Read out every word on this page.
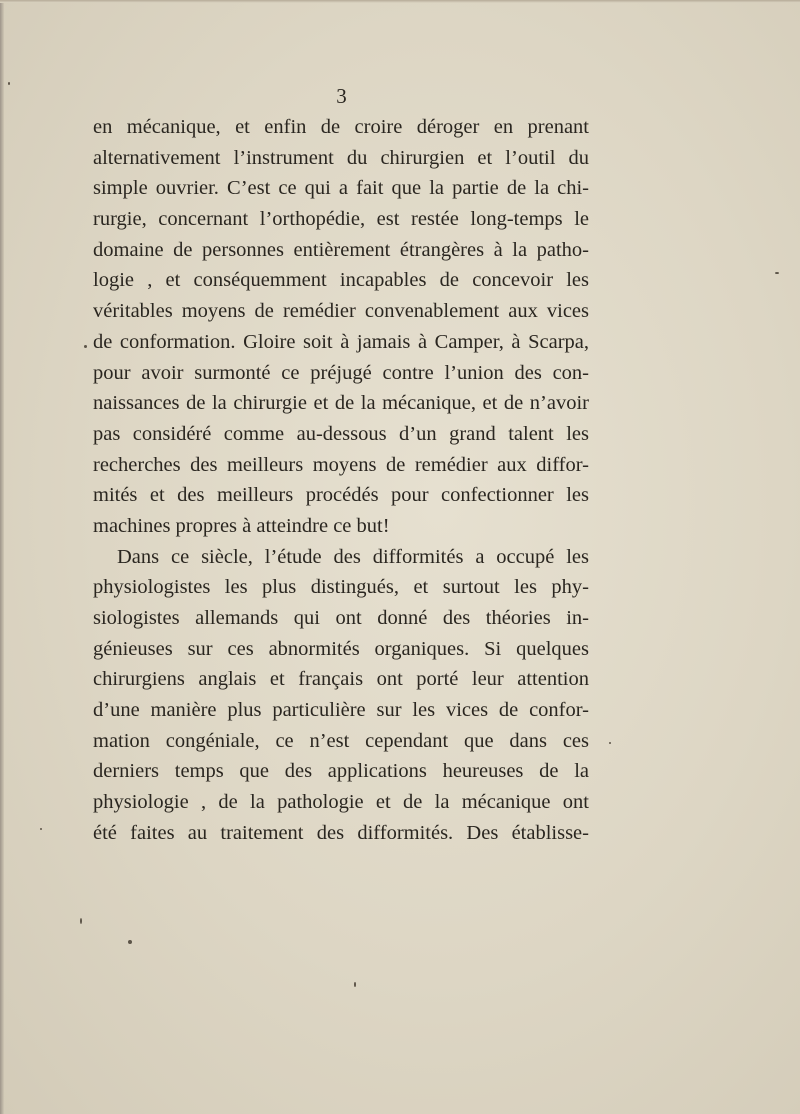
3
en mécanique, et enfin de croire déroger en prenant
alternativement l’instrument du chirurgien et l’outil du
simple ouvrier. C’est ce qui a fait que la partie de la chi-
rurgie, concernant l’orthopédie, est restée long-temps le
domaine de personnes entièrement étrangères à la patho-
logie , et conséquemment incapables de concevoir les
véritables moyens de remédier convenablement aux vices
de conformation. Gloire soit à jamais à Camper, à Scarpa,
pour avoir surmonté ce préjugé contre l’union des con-
naissances de la chirurgie et de la mécanique, et de n’avoir
pas considéré comme au-dessous d’un grand talent les
recherches des meilleurs moyens de remédier aux diffor-
mités et des meilleurs procédés pour confectionner les
machines propres à atteindre ce but!
Dans ce siècle, l’étude des difformités a occupé les
physiologistes les plus distingués, et surtout les phy-
siologistes allemands qui ont donné des théories in-
génieuses sur ces abnormités organiques. Si quelques
chirurgiens anglais et français ont porté leur attention
d’une manière plus particulière sur les vices de confor-
mation congéniale, ce n’est cependant que dans ces
derniers temps que des applications heureuses de la
physiologie , de la pathologie et de la mécanique ont
été faites au traitement des difformités. Des établisse-
